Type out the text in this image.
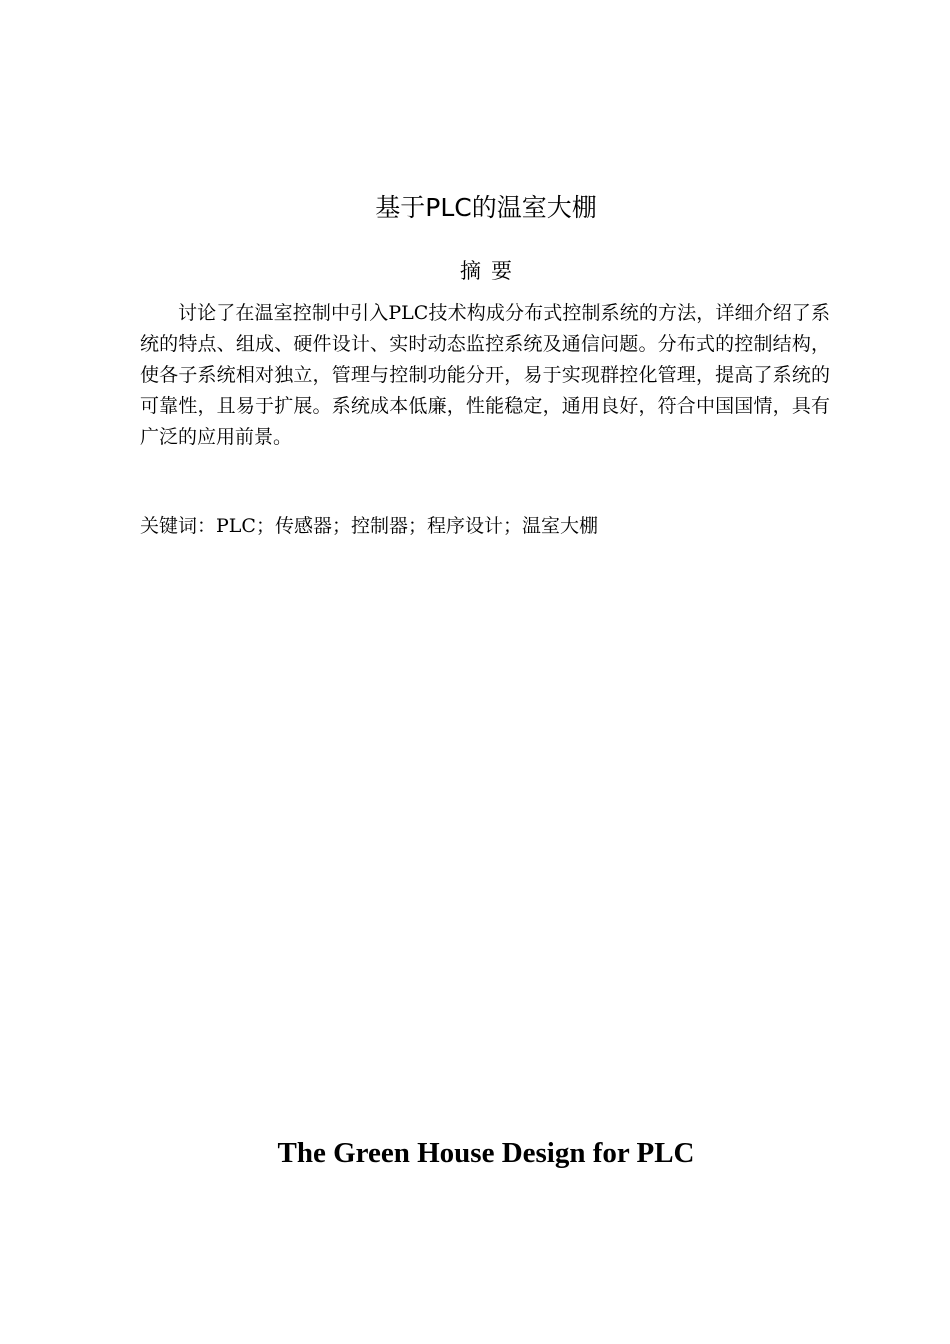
基于PLC的温室大棚
摘要

讨论了在温室控制中引入PLC技术构成分布式控制系统的方法，详细介绍了系统的特点、组成、硬件设计、实时动态监控系统及通信问题。分布式的控制结构，使各子系统相对独立，管理与控制功能分开，易于实现群控化管理，提高了系统的可靠性，且易于扩展。系统成本低廉，性能稳定，通用良好，符合中国国情，具有广泛的应用前景。

关键词：PLC；传感器；控制器；程序设计；温室大棚
The Green House Design for PLC
